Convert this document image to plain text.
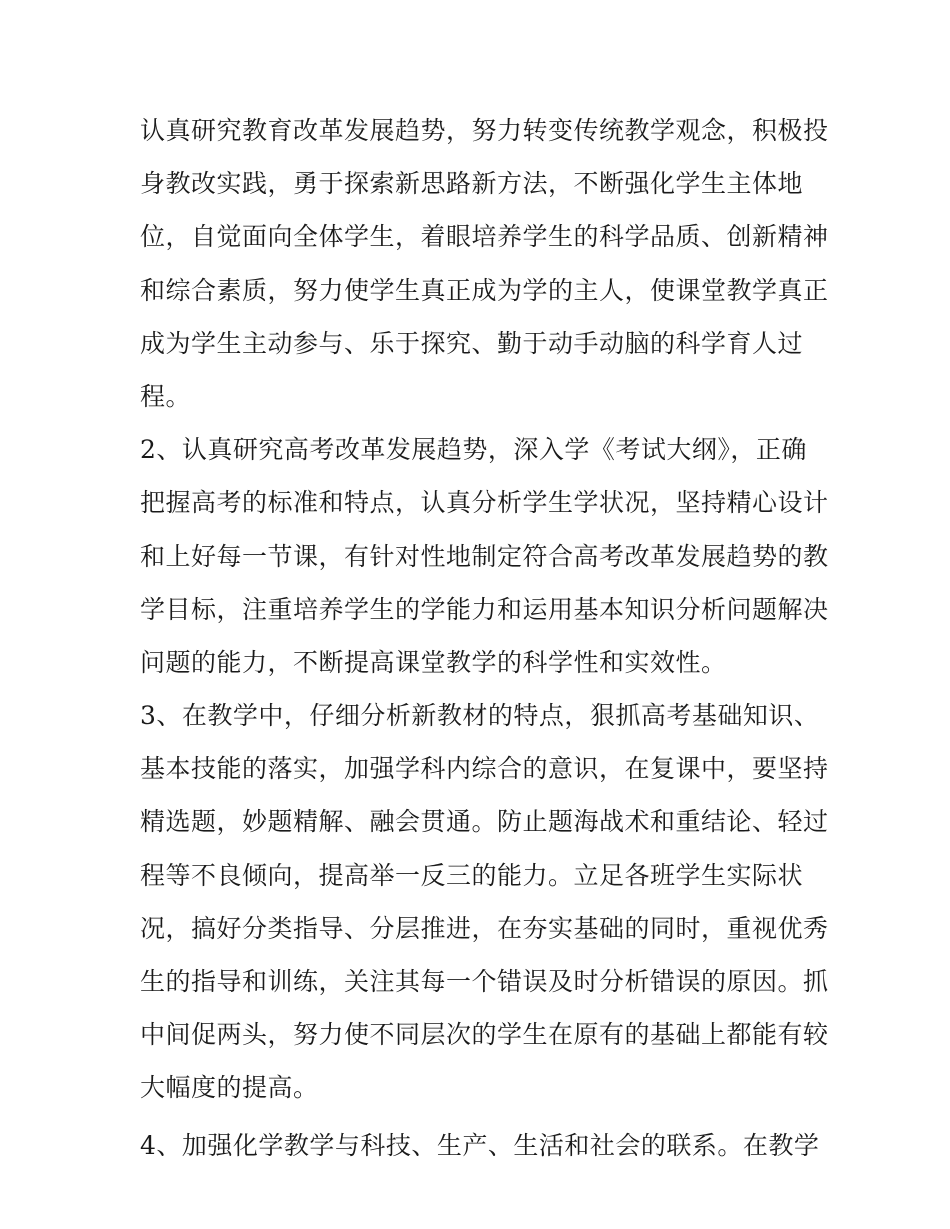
认真研究教育改革发展趋势，努力转变传统教学观念，积极投
身教改实践，勇于探索新思路新方法，不断强化学生主体地
位，自觉面向全体学生，着眼培养学生的科学品质、创新精神
和综合素质，努力使学生真正成为学的主人，使课堂教学真正
成为学生主动参与、乐于探究、勤于动手动脑的科学育人过
程。
2、认真研究高考改革发展趋势，深入学《考试大纲》，正确
把握高考的标准和特点，认真分析学生学状况，坚持精心设计
和上好每一节课，有针对性地制定符合高考改革发展趋势的教
学目标，注重培养学生的学能力和运用基本知识分析问题解决
问题的能力，不断提高课堂教学的科学性和实效性。
3、在教学中，仔细分析新教材的特点，狠抓高考基础知识、
基本技能的落实，加强学科内综合的意识，在复课中，要坚持
精选题，妙题精解、融会贯通。防止题海战术和重结论、轻过
程等不良倾向，提高举一反三的能力。立足各班学生实际状
况，搞好分类指导、分层推进，在夯实基础的同时，重视优秀
生的指导和训练，关注其每一个错误及时分析错误的原因。抓
中间促两头，努力使不同层次的学生在原有的基础上都能有较
大幅度的提高。
4、加强化学教学与科技、生产、生活和社会的联系。在教学
